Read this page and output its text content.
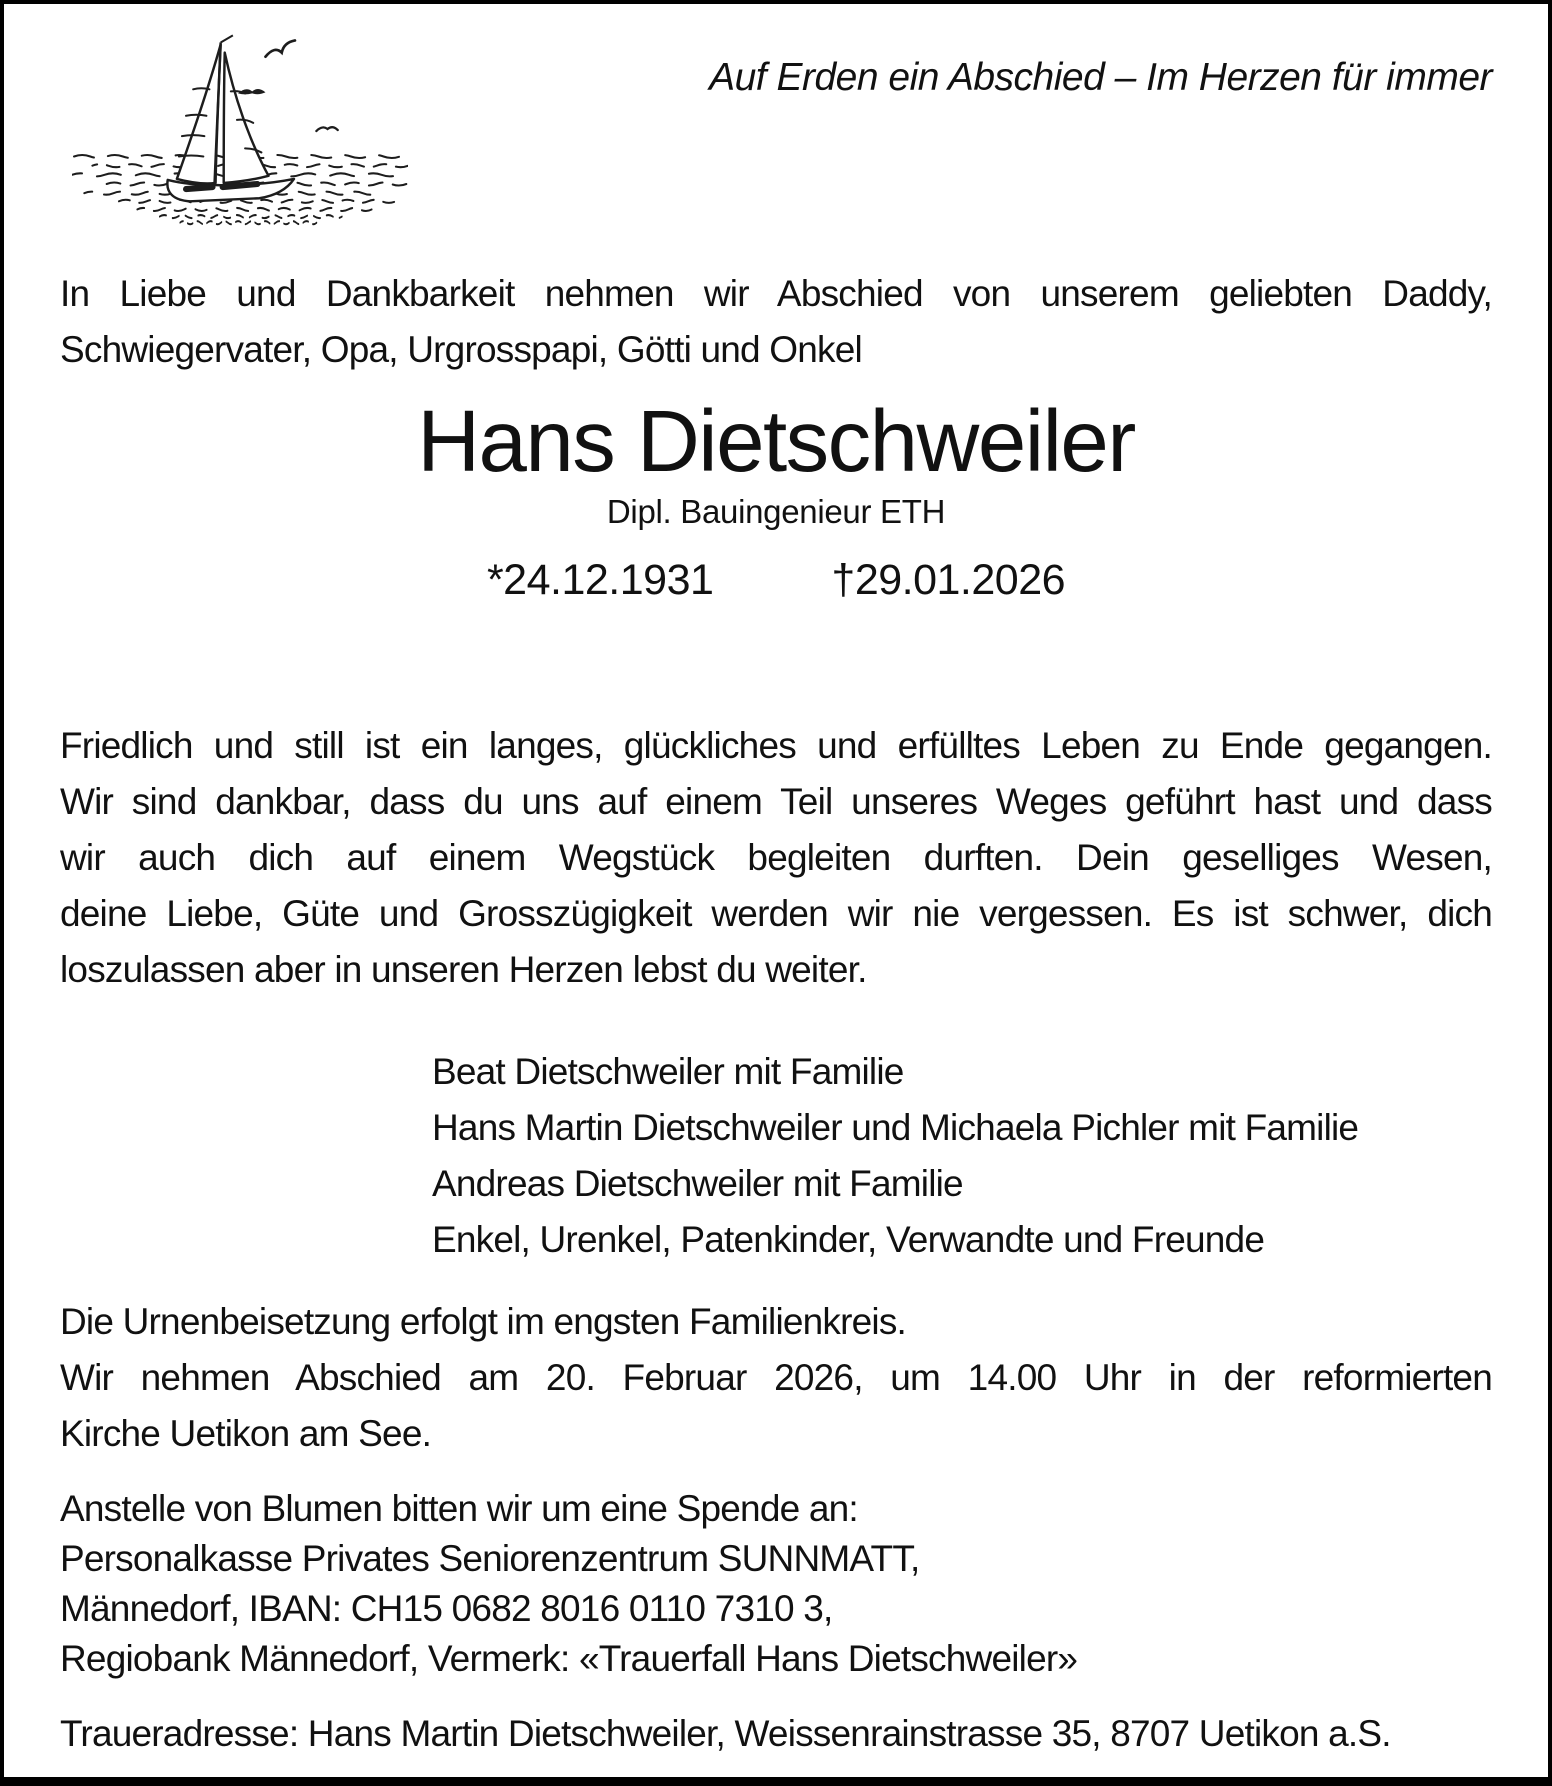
Auf Erden ein Abschied – Im Herzen für immer
In Liebe und Dankbarkeit nehmen wir Abschied von unserem geliebten Daddy,
Schwiegervater, Opa, Urgrosspapi, Götti und Onkel
Hans Dietschweiler
Dipl. Bauingenieur ETH
*24.12.1931	†29.01.2026
Friedlich und still ist ein langes, glückliches und erfülltes Leben zu Ende gegangen.
Wir sind dankbar, dass du uns auf einem Teil unseres Weges geführt hast und dass
wir auch dich auf einem Wegstück begleiten durften. Dein geselliges Wesen,
deine Liebe, Güte und Grosszügigkeit werden wir nie vergessen. Es ist schwer, dich
loszulassen aber in unseren Herzen lebst du weiter.
Beat Dietschweiler mit Familie
Hans Martin Dietschweiler und Michaela Pichler mit Familie
Andreas Dietschweiler mit Familie
Enkel, Urenkel, Patenkinder, Verwandte und Freunde
Die Urnenbeisetzung erfolgt im engsten Familienkreis.
Wir nehmen Abschied am 20. Februar 2026, um 14.00 Uhr in der reformierten
Kirche Uetikon am See.
Anstelle von Blumen bitten wir um eine Spende an:
Personalkasse Privates Seniorenzentrum SUNNMATT,
Männedorf, IBAN: CH15 0682 8016 0110 7310 3,
Regiobank Männedorf, Vermerk: «Trauerfall Hans Dietschweiler»
Traueradresse: Hans Martin Dietschweiler, Weissenrainstrasse 35, 8707 Uetikon a.S.
